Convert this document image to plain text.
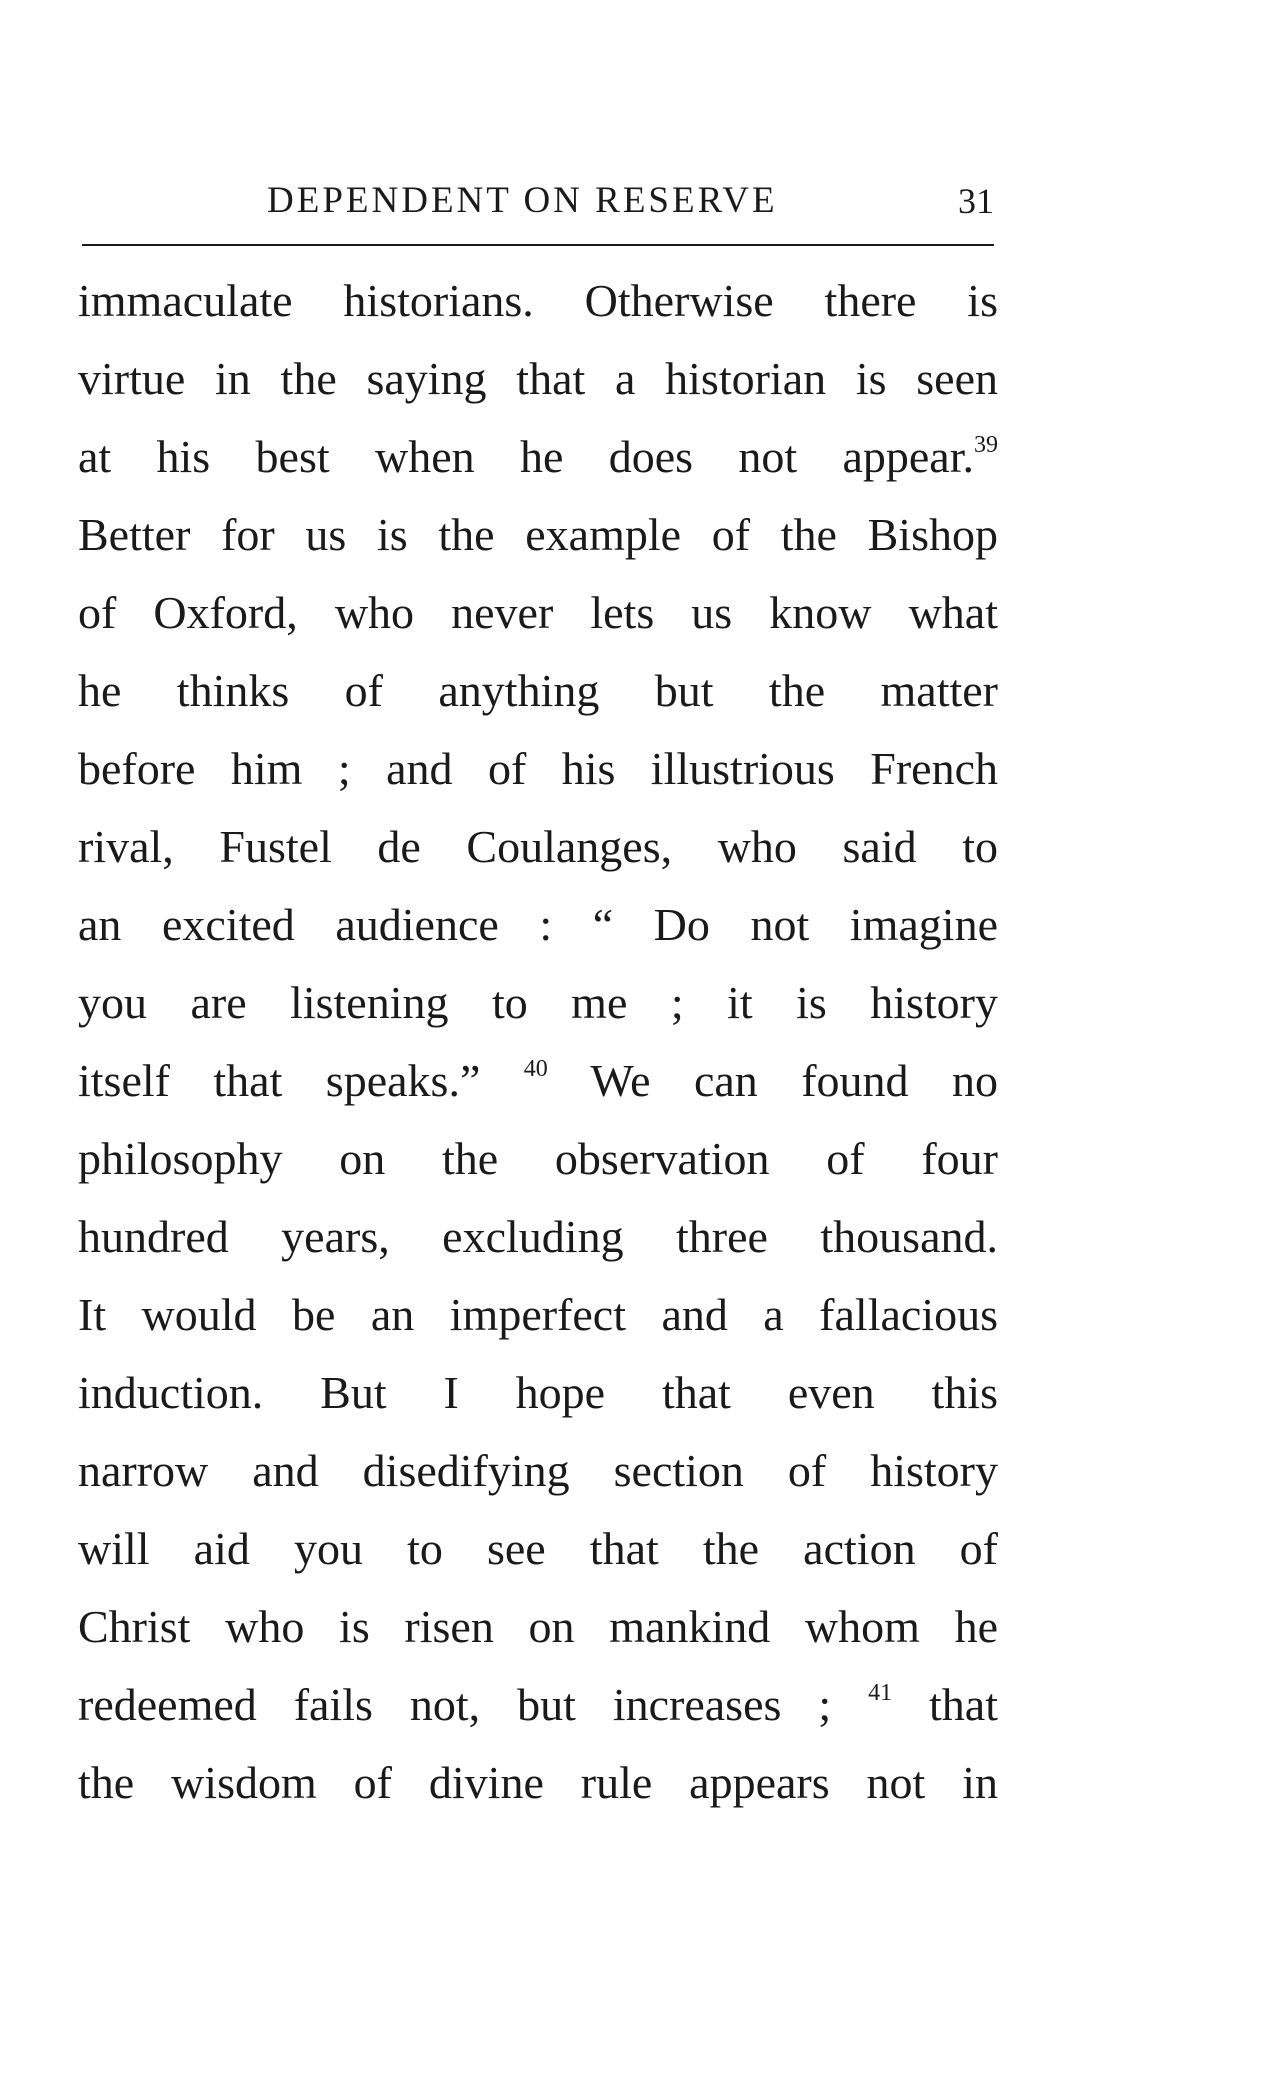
DEPENDENT ON RESERVE	31
immaculate historians. Otherwise there is
virtue in the saying that a historian is seen
at his best when he does not appear.$^{39}$
Better for us is the example of the Bishop
of Oxford, who never lets us know what
he thinks of anything but the matter
before him ; and of his illustrious French
rival, Fustel de Coulanges, who said to
an excited audience : “ Do not imagine
you are listening to me ; it is history
itself that speaks.” $^{40}$ We can found no
philosophy on the observation of four
hundred years, excluding three thousand.
It would be an imperfect and a fallacious
induction. But I hope that even this
narrow and disedifying section of history
will aid you to see that the action of
Christ who is risen on mankind whom he
redeemed fails not, but increases ; $^{41}$ that
the wisdom of divine rule appears not in
